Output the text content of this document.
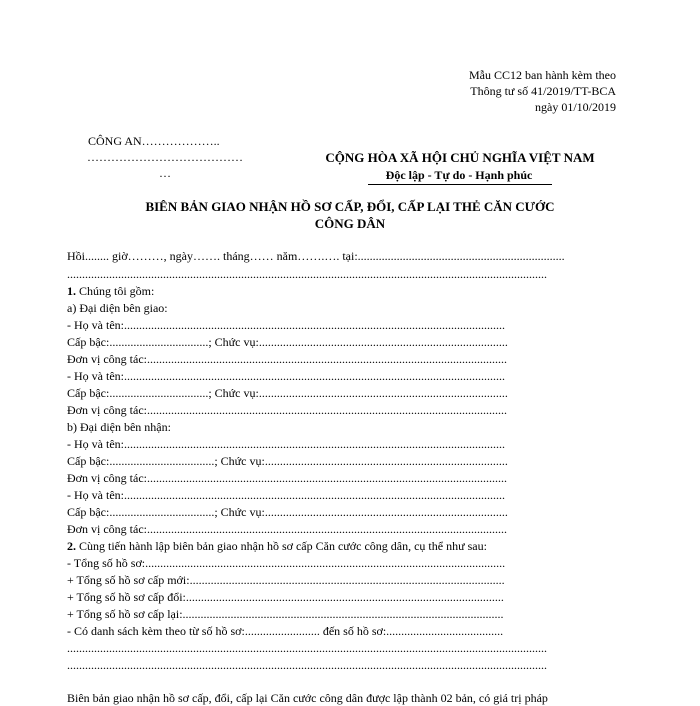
Mẫu CC12 ban hành kèm theo
Thông tư số 41/2019/TT-BCA
ngày 01/10/2019
CÔNG AN………………..
…………………………………
…
CỘNG HÒA XÃ HỘI CHỦ NGHĨA VIỆT NAM
Độc lập - Tự do - Hạnh phúc
BIÊN BẢN GIAO NHẬN HỒ SƠ CẤP, ĐỔI, CẤP LẠI THẺ CĂN CƯỚC
CÔNG DÂN
Hồi........ giờ………, ngày……. tháng…… năm…….…. tại:.....................................................................
................................................................................................................................................................
1. Chúng tôi gồm:
a) Đại diện bên giao:
- Họ và tên:...............................................................................................................................
Cấp bậc:.................................; Chức vụ:...................................................................................
Đơn vị công tác:........................................................................................................................
- Họ và tên:...............................................................................................................................
Cấp bậc:.................................; Chức vụ:...................................................................................
Đơn vị công tác:........................................................................................................................
b) Đại diện bên nhận:
- Họ và tên:...............................................................................................................................
Cấp bậc:...................................; Chức vụ:.................................................................................
Đơn vị công tác:........................................................................................................................
- Họ và tên:...............................................................................................................................
Cấp bậc:...................................; Chức vụ:.................................................................................
Đơn vị công tác:........................................................................................................................
2. Cùng tiến hành lập biên bản giao nhận hồ sơ cấp Căn cước công dân, cụ thể như sau:
- Tổng số hồ sơ:........................................................................................................................
+ Tổng số hồ sơ cấp mới:.........................................................................................................
+ Tổng số hồ sơ cấp đổi:..........................................................................................................
+ Tổng số hồ sơ cấp lại:...........................................................................................................
- Có danh sách kèm theo từ số hồ sơ:......................... đến số hồ sơ:.......................................
................................................................................................................................................................
................................................................................................................................................................
Biên bản giao nhận hồ sơ cấp, đổi, cấp lại Căn cước công dân được lập thành 02 bản, có giá trị pháp
